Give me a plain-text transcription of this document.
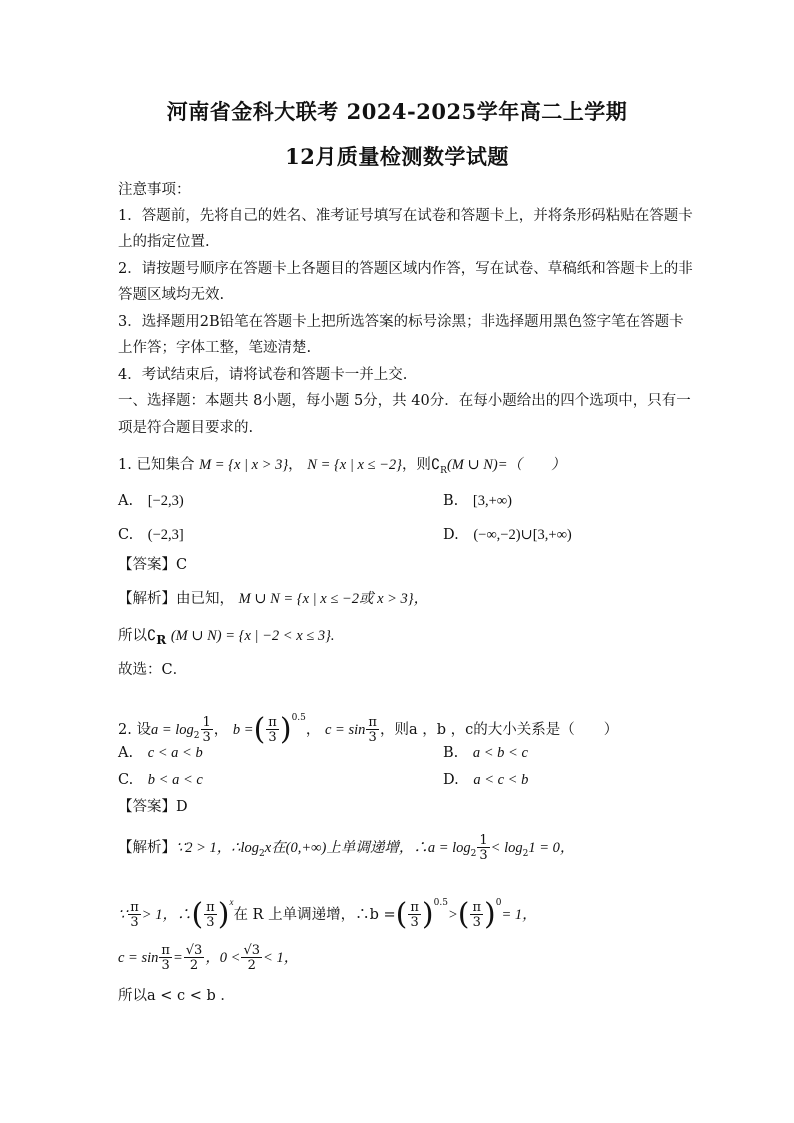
河南省金科大联考 2024-2025学年高二上学期
12月质量检测数学试题
注意事项：
1．答题前，先将自己的姓名、准考证号填写在试卷和答题卡上，并将条形码粘贴在答题卡
上的指定位置.
2．请按题号顺序在答题卡上各题目的答题区域内作答，写在试卷、草稿纸和答题卡上的非
答题区域均无效.
3．选择题用2B铅笔在答题卡上把所选答案的标号涂黑；非选择题用黑色签字笔在答题卡
上作答；字体工整，笔迹清楚.
4．考试结束后，请将试卷和答题卡一并上交.
一、选择题：本题共 8小题，每小题 5分，共 40分．在每小题给出的四个选项中，只有一
项是符合题目要求的.
1. 已知集合 M = {x | x > 3}， N = {x | x ≤ −2}，则$∁_R(M$ ∪ N)=（　　）
A. [−2,3)	B. [3,+∞)
C. (−2,3]	D. (−∞,−2)∪[3,+∞)
【答案】C
【解析】由已知， M ∪ N = {x | x ≤ −2或 x > 3}，
所以$∁_R$ (M ∪ N) = {x | −2 < x ≤ 3}.
故选：C．
2. 设$a = \log_2 \frac{1}{3}$ ， b =( $\frac{\pi}{3} )^{0.5}$， $c = \sin \frac{\pi}{3}$ ，则a ，b ，c的大小关系是（　　）
A. c < a < b	B. a < b < c
C. b < a < c	D. a < c < b
【答案】D
【解析】∵2 > 1，$\therefore\log_2x$在(0,+∞)上单调递增，∴a = $\log_2 \frac{1}{3} < \log_21 = 0$，
∵ $\frac{\pi}{3} > 1$，∴( $\frac{\pi}{3} )^x$在 R 上单调递增，∴b =( $\frac{\pi}{3} )^{0.5}>( \frac{\pi}{3} )^0= 1$，
$c = \sin \frac{\pi}{3} = \frac{√3}{2}$ ，$0 < \frac{√3}{2} < 1$，
所以a < c < b ．
